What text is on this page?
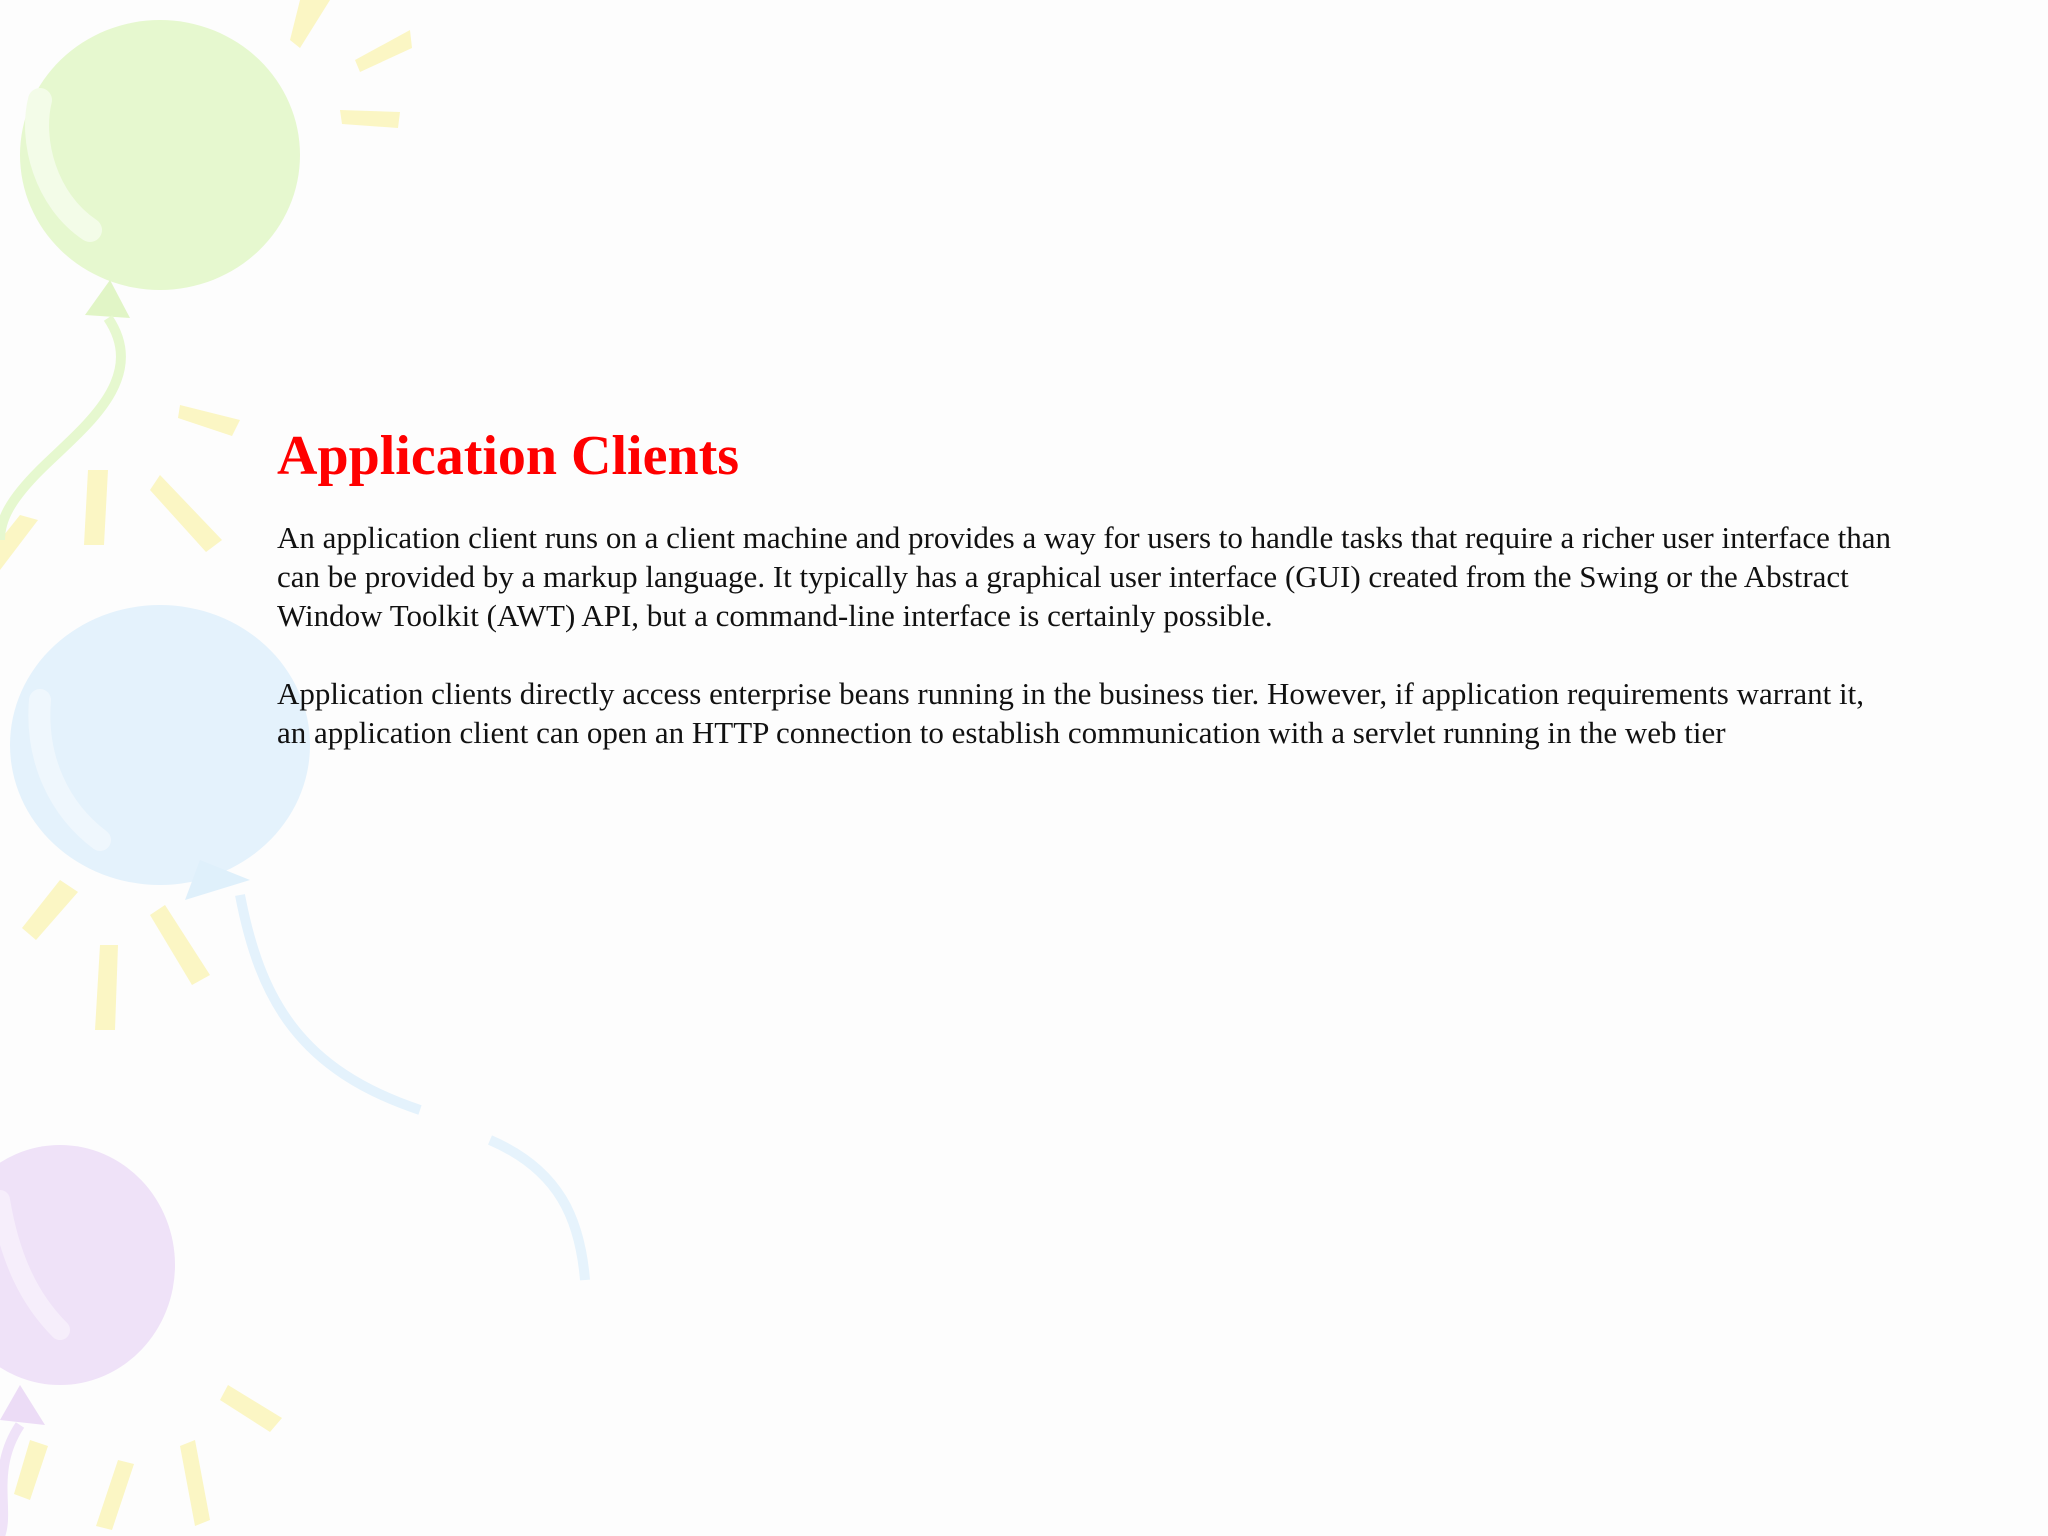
Application Clients

An application client runs on a client machine and provides a way for users to handle tasks that require a richer user interface than can be provided by a markup language. It typically has a graphical user interface (GUI) created from the Swing or the Abstract Window Toolkit (AWT) API, but a command-line interface is certainly possible.

Application clients directly access enterprise beans running in the business tier. However, if application requirements warrant it, an application client can open an HTTP connection to establish communication with a servlet running in the web tier
